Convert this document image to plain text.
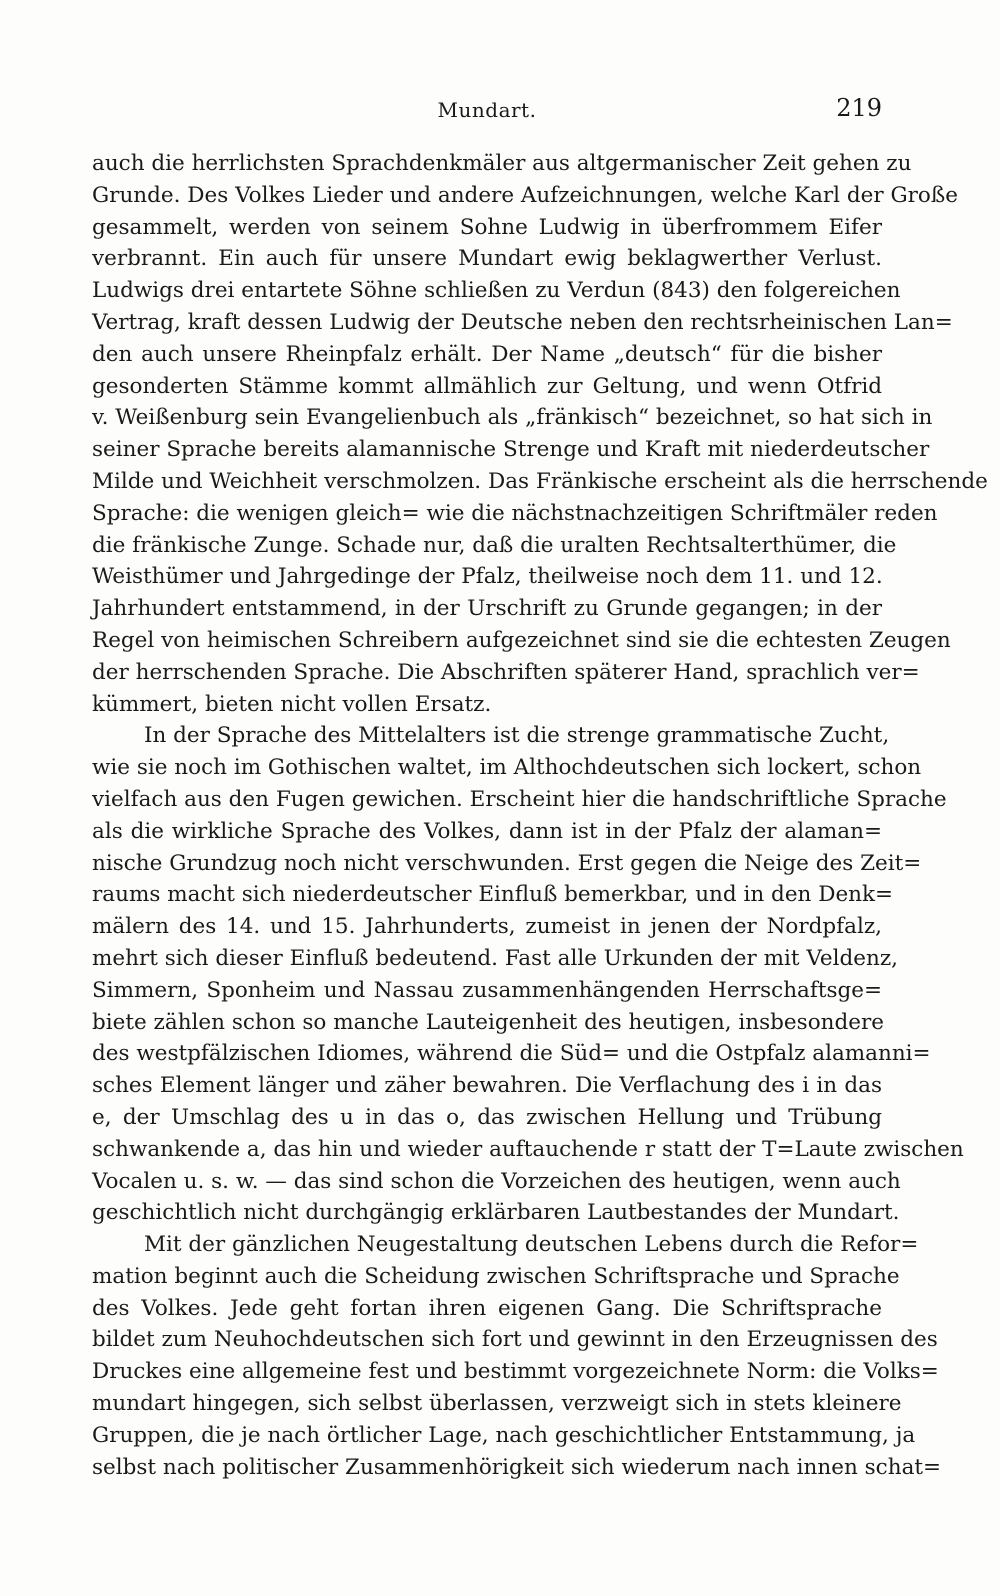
Mundart.	219
auch die herrlichsten Sprachdenkmäler aus altgermanischer Zeit gehen zu
Grunde. Des Volkes Lieder und andere Aufzeichnungen, welche Karl der Große
gesammelt, werden von seinem Sohne Ludwig in überfrommem Eifer
verbrannt. Ein auch für unsere Mundart ewig beklagwerther Verlust.
Ludwigs drei entartete Söhne schließen zu Verdun (843) den folgereichen
Vertrag, kraft dessen Ludwig der Deutsche neben den rechtsrheinischen Lan=
den auch unsere Rheinpfalz erhält. Der Name „deutsch“ für die bisher
gesonderten Stämme kommt allmählich zur Geltung, und wenn Otfrid
v. Weißenburg sein Evangelienbuch als „fränkisch“ bezeichnet, so hat sich in
seiner Sprache bereits alamannische Strenge und Kraft mit niederdeutscher
Milde und Weichheit verschmolzen. Das Fränkische erscheint als die herrschende
Sprache: die wenigen gleich= wie die nächstnachzeitigen Schriftmäler reden
die fränkische Zunge. Schade nur, daß die uralten Rechtsalterthümer, die
Weisthümer und Jahrgedinge der Pfalz, theilweise noch dem 11. und 12.
Jahrhundert entstammend, in der Urschrift zu Grunde gegangen; in der
Regel von heimischen Schreibern aufgezeichnet sind sie die echtesten Zeugen
der herrschenden Sprache. Die Abschriften späterer Hand, sprachlich ver=
kümmert, bieten nicht vollen Ersatz.
In der Sprache des Mittelalters ist die strenge grammatische Zucht,
wie sie noch im Gothischen waltet, im Althochdeutschen sich lockert, schon
vielfach aus den Fugen gewichen. Erscheint hier die handschriftliche Sprache
als die wirkliche Sprache des Volkes, dann ist in der Pfalz der alaman=
nische Grundzug noch nicht verschwunden. Erst gegen die Neige des Zeit=
raums macht sich niederdeutscher Einfluß bemerkbar, und in den Denk=
mälern des 14. und 15. Jahrhunderts, zumeist in jenen der Nordpfalz,
mehrt sich dieser Einfluß bedeutend. Fast alle Urkunden der mit Veldenz,
Simmern, Sponheim und Nassau zusammenhängenden Herrschaftsge=
biete zählen schon so manche Lauteigenheit des heutigen, insbesondere
des westpfälzischen Idiomes, während die Süd= und die Ostpfalz alamanni=
sches Element länger und zäher bewahren. Die Verflachung des i in das
e, der Umschlag des u in das o, das zwischen Hellung und Trübung
schwankende a, das hin und wieder auftauchende r statt der T=Laute zwischen
Vocalen u. s. w. — das sind schon die Vorzeichen des heutigen, wenn auch
geschichtlich nicht durchgängig erklärbaren Lautbestandes der Mundart.
Mit der gänzlichen Neugestaltung deutschen Lebens durch die Refor=
mation beginnt auch die Scheidung zwischen Schriftsprache und Sprache
des Volkes. Jede geht fortan ihren eigenen Gang. Die Schriftsprache
bildet zum Neuhochdeutschen sich fort und gewinnt in den Erzeugnissen des
Druckes eine allgemeine fest und bestimmt vorgezeichnete Norm: die Volks=
mundart hingegen, sich selbst überlassen, verzweigt sich in stets kleinere
Gruppen, die je nach örtlicher Lage, nach geschichtlicher Entstammung, ja
selbst nach politischer Zusammenhörigkeit sich wiederum nach innen schat=
